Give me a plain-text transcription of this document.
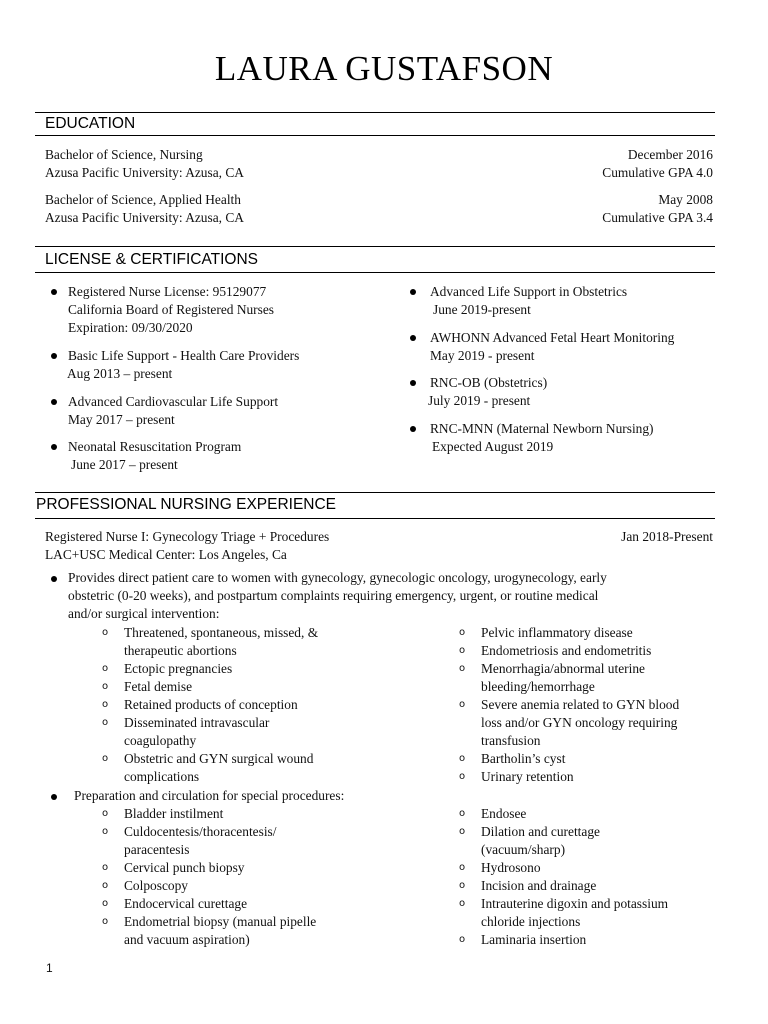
LAURA GUSTAFSON
EDUCATION
Bachelor of Science, Nursing
Azusa Pacific University: Azusa, CA
December 2016
Cumulative GPA 4.0
Bachelor of Science, Applied Health
Azusa Pacific University: Azusa, CA
May 2008
Cumulative GPA 3.4
LICENSE & CERTIFICATIONS
Registered Nurse License: 95129077
California Board of Registered Nurses
Expiration: 09/30/2020
Basic Life Support - Health Care Providers
Aug 2013 – present
Advanced Cardiovascular Life Support
May 2017 – present
Neonatal Resuscitation Program
June 2017 – present
Advanced Life Support in Obstetrics
June 2019-present
AWHONN Advanced Fetal Heart Monitoring
May 2019 - present
RNC-OB (Obstetrics)
July 2019 - present
RNC-MNN (Maternal Newborn Nursing)
Expected August 2019
PROFESSIONAL NURSING EXPERIENCE
Registered Nurse I: Gynecology Triage + Procedures
LAC+USC Medical Center: Los Angeles, Ca
Jan 2018-Present
Provides direct patient care to women with gynecology, gynecologic oncology, urogynecology, early
obstetric (0-20 weeks), and postpartum complaints requiring emergency, urgent, or routine medical
and/or surgical intervention:
o Threatened, spontaneous, missed, &
therapeutic abortions
o Ectopic pregnancies
o Fetal demise
o Retained products of conception
o Disseminated intravascular
coagulopathy
o Obstetric and GYN surgical wound
complications
o Pelvic inflammatory disease
o Endometriosis and endometritis
o Menorrhagia/abnormal uterine
bleeding/hemorrhage
o Severe anemia related to GYN blood
loss and/or GYN oncology requiring
transfusion
o Bartholin’s cyst
o Urinary retention
Preparation and circulation for special procedures:
o Bladder instilment
o Culdocentesis/thoracentesis/
paracentesis
o Cervical punch biopsy
o Colposcopy
o Endocervical curettage
o Endometrial biopsy (manual pipelle
and vacuum aspiration)
o Endosee
o Dilation and curettage
(vacuum/sharp)
o Hydrosono
o Incision and drainage
o Intrauterine digoxin and potassium
chloride injections
o Laminaria insertion
1
